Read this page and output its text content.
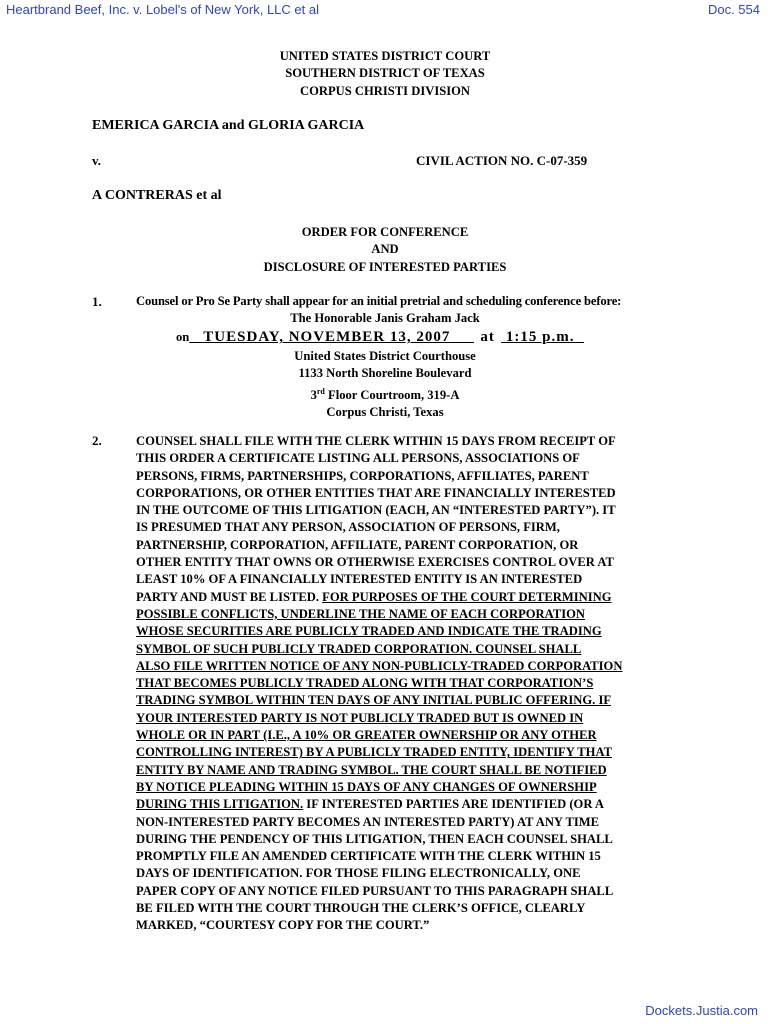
Heartbrand Beef, Inc. v. Lobel's of New York, LLC et al	Doc. 554
UNITED STATES DISTRICT COURT
SOUTHERN DISTRICT OF TEXAS
CORPUS CHRISTI DIVISION
EMERICA GARCIA and GLORIA GARCIA
v.	CIVIL ACTION NO. C-07-359
A CONTRERAS et al
ORDER FOR CONFERENCE
AND
DISCLOSURE OF INTERESTED PARTIES
1.	Counsel or Pro Se Party shall appear for an initial pretrial and scheduling conference before:
The Honorable Janis Graham Jack
on TUESDAY, NOVEMBER 13, 2007 at 1:15 p.m.
United States District Courthouse
1133 North Shoreline Boulevard
3rd Floor Courtroom, 319-A
Corpus Christi, Texas
2.	COUNSEL SHALL FILE WITH THE CLERK WITHIN 15 DAYS FROM RECEIPT OF
THIS ORDER A CERTIFICATE LISTING ALL PERSONS, ASSOCIATIONS OF
PERSONS, FIRMS, PARTNERSHIPS, CORPORATIONS, AFFILIATES, PARENT
CORPORATIONS, OR OTHER ENTITIES THAT ARE FINANCIALLY INTERESTED
IN THE OUTCOME OF THIS LITIGATION (EACH, AN “INTERESTED PARTY”). IT
IS PRESUMED THAT ANY PERSON, ASSOCIATION OF PERSONS, FIRM,
PARTNERSHIP, CORPORATION, AFFILIATE, PARENT CORPORATION, OR
OTHER ENTITY THAT OWNS OR OTHERWISE EXERCISES CONTROL OVER AT
LEAST 10% OF A FINANCIALLY INTERESTED ENTITY IS AN INTERESTED
PARTY AND MUST BE LISTED. FOR PURPOSES OF THE COURT DETERMINING
POSSIBLE CONFLICTS, UNDERLINE THE NAME OF EACH CORPORATION
WHOSE SECURITIES ARE PUBLICLY TRADED AND INDICATE THE TRADING
SYMBOL OF SUCH PUBLICLY TRADED CORPORATION. COUNSEL SHALL
ALSO FILE WRITTEN NOTICE OF ANY NON-PUBLICLY-TRADED CORPORATION
THAT BECOMES PUBLICLY TRADED ALONG WITH THAT CORPORATION’S
TRADING SYMBOL WITHIN TEN DAYS OF ANY INITIAL PUBLIC OFFERING. IF
YOUR INTERESTED PARTY IS NOT PUBLICLY TRADED BUT IS OWNED IN
WHOLE OR IN PART (I.E., A 10% OR GREATER OWNERSHIP OR ANY OTHER
CONTROLLING INTEREST) BY A PUBLICLY TRADED ENTITY, IDENTIFY THAT
ENTITY BY NAME AND TRADING SYMBOL. THE COURT SHALL BE NOTIFIED
BY NOTICE PLEADING WITHIN 15 DAYS OF ANY CHANGES OF OWNERSHIP
DURING THIS LITIGATION. IF INTERESTED PARTIES ARE IDENTIFIED (OR A
NON-INTERESTED PARTY BECOMES AN INTERESTED PARTY) AT ANY TIME
DURING THE PENDENCY OF THIS LITIGATION, THEN EACH COUNSEL SHALL
PROMPTLY FILE AN AMENDED CERTIFICATE WITH THE CLERK WITHIN 15
DAYS OF IDENTIFICATION. FOR THOSE FILING ELECTRONICALLY, ONE
PAPER COPY OF ANY NOTICE FILED PURSUANT TO THIS PARAGRAPH SHALL
BE FILED WITH THE COURT THROUGH THE CLERK’S OFFICE, CLEARLY
MARKED, “COURTESY COPY FOR THE COURT.”
Dockets.Justia.com
